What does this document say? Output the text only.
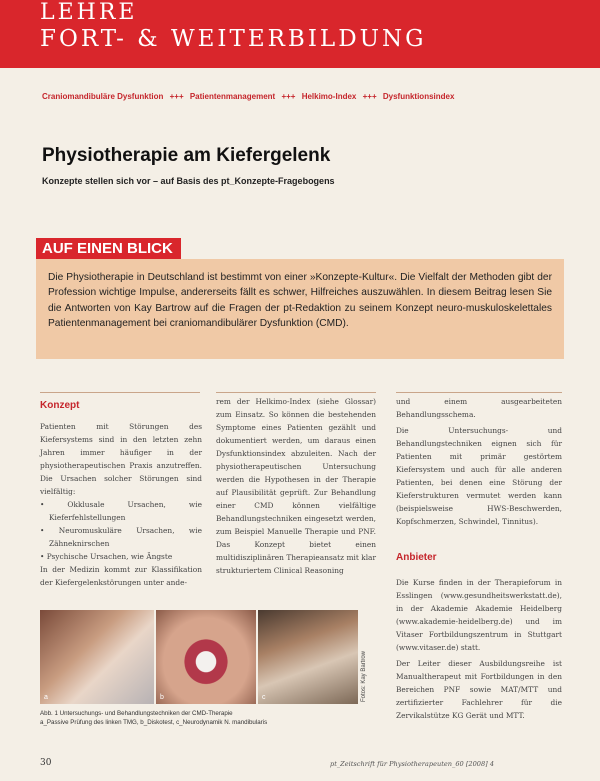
LEHRE
FORT- & WEITERBILDUNG
Craniomandibuläre Dysfunktion +++ Patientenmanagement +++ Helkimo-Index +++ Dysfunktionsindex
Physiotherapie am Kiefergelenk
Konzepte stellen sich vor – auf Basis des pt_Konzepte-Fragebogens
AUF EINEN BLICK

Die Physiotherapie in Deutschland ist bestimmt von einer »Konzepte-Kultur«. Die Vielfalt der Methoden gibt der Profession wichtige Impulse, andererseits fällt es schwer, Hilfreiches auszuwählen. In diesem Beitrag lesen Sie die Antworten von Kay Bartrow auf die Fragen der pt-Redaktion zu seinem Konzept neuro-muskuloskelettales Patientenmanagement bei craniomandibulärer Dysfunktion (CMD).

Konzept

Patienten mit Störungen des Kiefersystems sind in den letzten zehn Jahren immer häufiger in der physiotherapeutischen Praxis anzutreffen. Die Ursachen solcher Störungen sind vielfältig:

• Okklusale Ursachen, wie Kieferfehlstellungen
• Neuromuskuläre Ursachen, wie Zähneknirschen
• Psychische Ursachen, wie Ängste

In der Medizin kommt zur Klassifikation der Kiefergelenkstörungen unter ande-

rem der Helkimo-Index (siehe Glossar) zum Einsatz. So können die bestehenden Symptome eines Patienten gezählt und dokumentiert werden, um daraus einen Dysfunktionsindex abzuleiten. Nach der physiotherapeutischen Untersuchung werden die Hypothesen in der Therapie auf Plausibilität geprüft. Zur Behandlung einer CMD können vielfältige Behandlungstechniken eingesetzt werden, zum Beispiel Manuelle Therapie und PNF. Das Konzept bietet einen multidisziplinären Therapieansatz mit klar strukturiertem Clinical Reasoning

und einem ausgearbeiteten Behandlungsschema.

Die Untersuchungs- und Behandlungstechniken eignen sich für Patienten mit primär gestörtem Kiefersystem und auch für alle anderen Patienten, bei denen eine Störung der Kieferstrukturen vermutet werden kann (beispielsweise HWS-Beschwerden, Kopfschmerzen, Schwindel, Tinnitus).

Anbieter

Die Kurse finden in der Therapieforum in Esslingen (www.gesundheitswerkstatt.de), in der Akademie Akademie Heidelberg (www.akademie-heidelberg.de) und im Vitaser Fortbildungszentrum in Stuttgart (www.vitaser.de) statt.

Der Leiter dieser Ausbildungsreihe ist Manualtherapeut mit Fortbildungen in den Bereichen PNF sowie MAT/MTT und zertifizierter Fachlehrer für die Zervikalstütze KG Gerät und MTT.

a	b	c	Fotos: Kay Bartrow
Abb. 1 Untersuchungs- und Behandlungstechniken der CMD-Therapie
a_Passive Prüfung des linken TMG, b_Diskotest, c_Neurodynamik N. mandibularis
30	pt_Zeitschrift für Physiotherapeuten_60 [2008] 4
